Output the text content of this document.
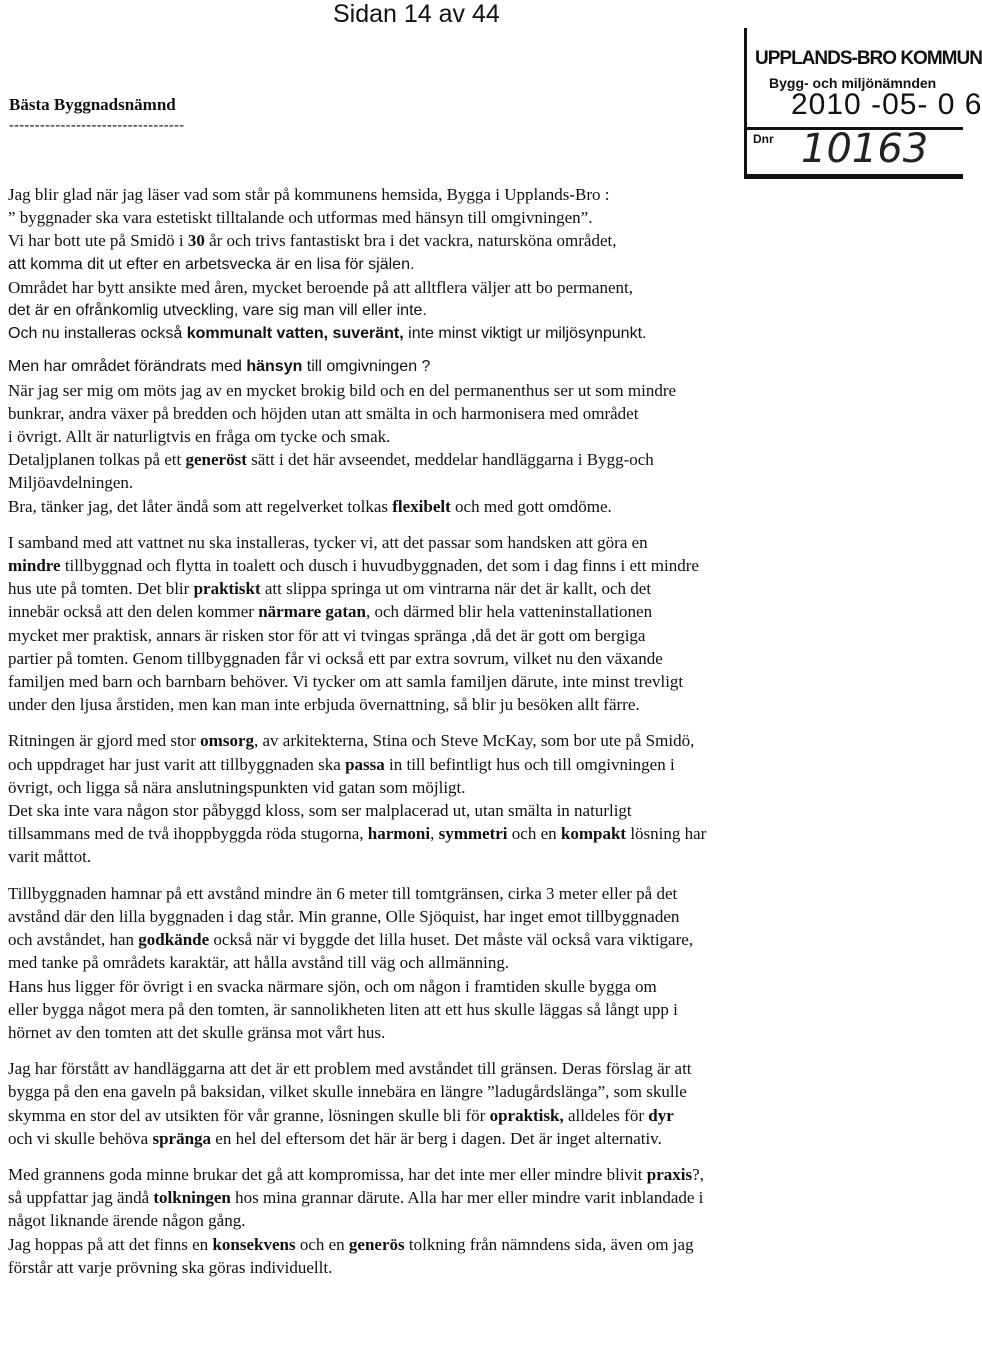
Sidan 14 av 44
UPPLANDS-BRO KOMMUN
Bygg- och miljönämnden
2010 -05- 0 6
Dnr 10163
Bästa Byggnadsnämnd
----------------------------------

Jag blir glad när jag läser vad som står på kommunens hemsida, Bygga i Upplands-Bro :

” byggnader ska vara estetiskt tilltalande och utformas med hänsyn till omgivningen”.

Vi har bott ute på Smidö i 30 år och trivs fantastiskt bra i det vackra, natursköna området,

att komma dit ut efter en arbetsvecka är en lisa för själen.

Området har bytt ansikte med åren, mycket beroende på att alltflera väljer att bo permanent,

det är en ofrånkomlig utveckling, vare sig man vill eller inte.

Och nu installeras också kommunalt vatten, suveränt, inte minst viktigt ur miljösynpunkt.

Men har området förändrats med hänsyn till omgivningen ?

När jag ser mig om möts jag av en mycket brokig bild och en del permanenthus ser ut som mindre

bunkrar, andra växer på bredden och höjden utan att smälta in och harmonisera med området

i övrigt. Allt är naturligtvis en fråga om tycke och smak.

Detaljplanen tolkas på ett generöst sätt i det här avseendet, meddelar handläggarna i Bygg-och

Miljöavdelningen.

Bra, tänker jag, det låter ändå som att regelverket tolkas flexibelt och med gott omdöme.

I samband med att vattnet nu ska installeras, tycker vi, att det passar som handsken att göra en

mindre tillbyggnad och flytta in toalett och dusch i huvudbyggnaden, det som i dag finns i ett mindre

hus ute på tomten. Det blir praktiskt att slippa springa ut om vintrarna när det är kallt, och det

innebär också att den delen kommer närmare gatan, och därmed blir hela vatteninstallationen

mycket mer praktisk, annars är risken stor för att vi tvingas spränga ,då det är gott om bergiga

partier på tomten. Genom tillbyggnaden får vi också ett par extra sovrum, vilket nu den växande

familjen med barn och barnbarn behöver. Vi tycker om att samla familjen därute, inte minst trevligt

under den ljusa årstiden, men kan man inte erbjuda övernattning, så blir ju besöken allt färre.

Ritningen är gjord med stor omsorg, av arkitekterna, Stina och Steve McKay, som bor ute på Smidö,

och uppdraget har just varit att tillbyggnaden ska passa in till befintligt hus och till omgivningen i

övrigt, och ligga så nära anslutningspunkten vid gatan som möjligt.

Det ska inte vara någon stor påbyggd kloss, som ser malplacerad ut, utan smälta in naturligt

tillsammans med de två ihoppbyggda röda stugorna, harmoni, symmetri och en kompakt lösning har

varit måttot.

Tillbyggnaden hamnar på ett avstånd mindre än 6 meter till tomtgränsen, cirka 3 meter eller på det

avstånd där den lilla byggnaden i dag står. Min granne, Olle Sjöquist, har inget emot tillbyggnaden

och avståndet, han godkände också när vi byggde det lilla huset. Det måste väl också vara viktigare,

med tanke på områdets karaktär, att hålla avstånd till väg och allmänning.

Hans hus ligger för övrigt i en svacka närmare sjön, och om någon i framtiden skulle bygga om

eller bygga något mera på den tomten, är sannolikheten liten att ett hus skulle läggas så långt upp i

hörnet av den tomten att det skulle gränsa mot vårt hus.

Jag har förstått av handläggarna att det är ett problem med avståndet till gränsen. Deras förslag är att

bygga på den ena gaveln på baksidan, vilket skulle innebära en längre ”ladugårdslänga”, som skulle

skymma en stor del av utsikten för vår granne, lösningen skulle bli för opraktisk, alldeles för dyr

och vi skulle behöva spränga en hel del eftersom det här är berg i dagen. Det är inget alternativ.

Med grannens goda minne brukar det gå att kompromissa, har det inte mer eller mindre blivit praxis?,

så uppfattar jag ändå tolkningen hos mina grannar därute. Alla har mer eller mindre varit inblandade i

något liknande ärende någon gång.

Jag hoppas på att det finns en konsekvens och en generös tolkning från nämndens sida, även om jag

förstår att varje prövning ska göras individuellt.
